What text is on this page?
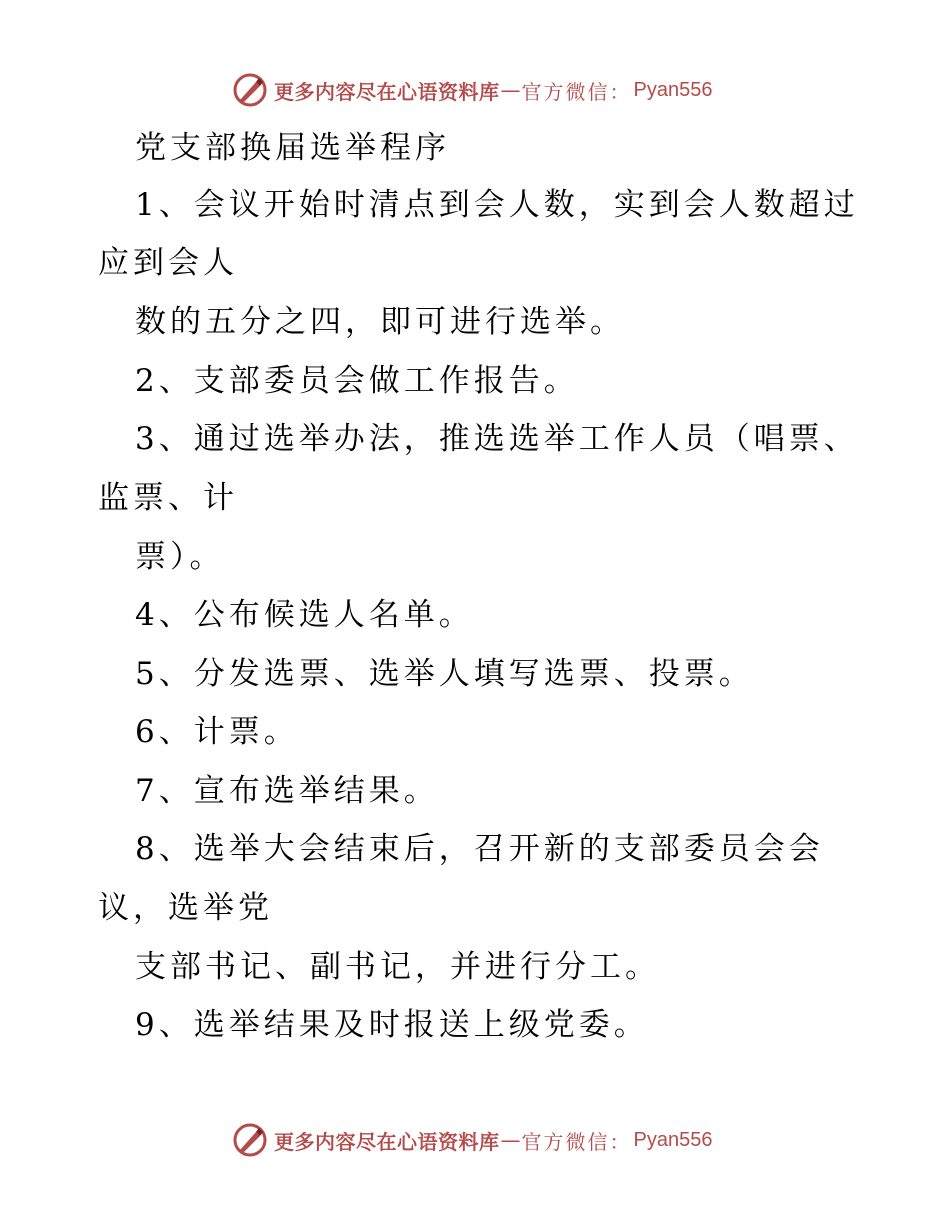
更多内容尽在心语资料库 — 官方微信： Pyan556
党支部换届选举程序
1、会议开始时清点到会人数，实到会人数超过
应到会人
数的五分之四，即可进行选举。
2、支部委员会做工作报告。
3、通过选举办法，推选选举工作人员（唱票、
监票、计
票）。
4、公布候选人名单。
5、分发选票、选举人填写选票、投票。
6、计票。
7、宣布选举结果。
8、选举大会结束后，召开新的支部委员会会
议，选举党
支部书记、副书记，并进行分工。
9、选举结果及时报送上级党委。
更多内容尽在心语资料库 — 官方微信： Pyan556
